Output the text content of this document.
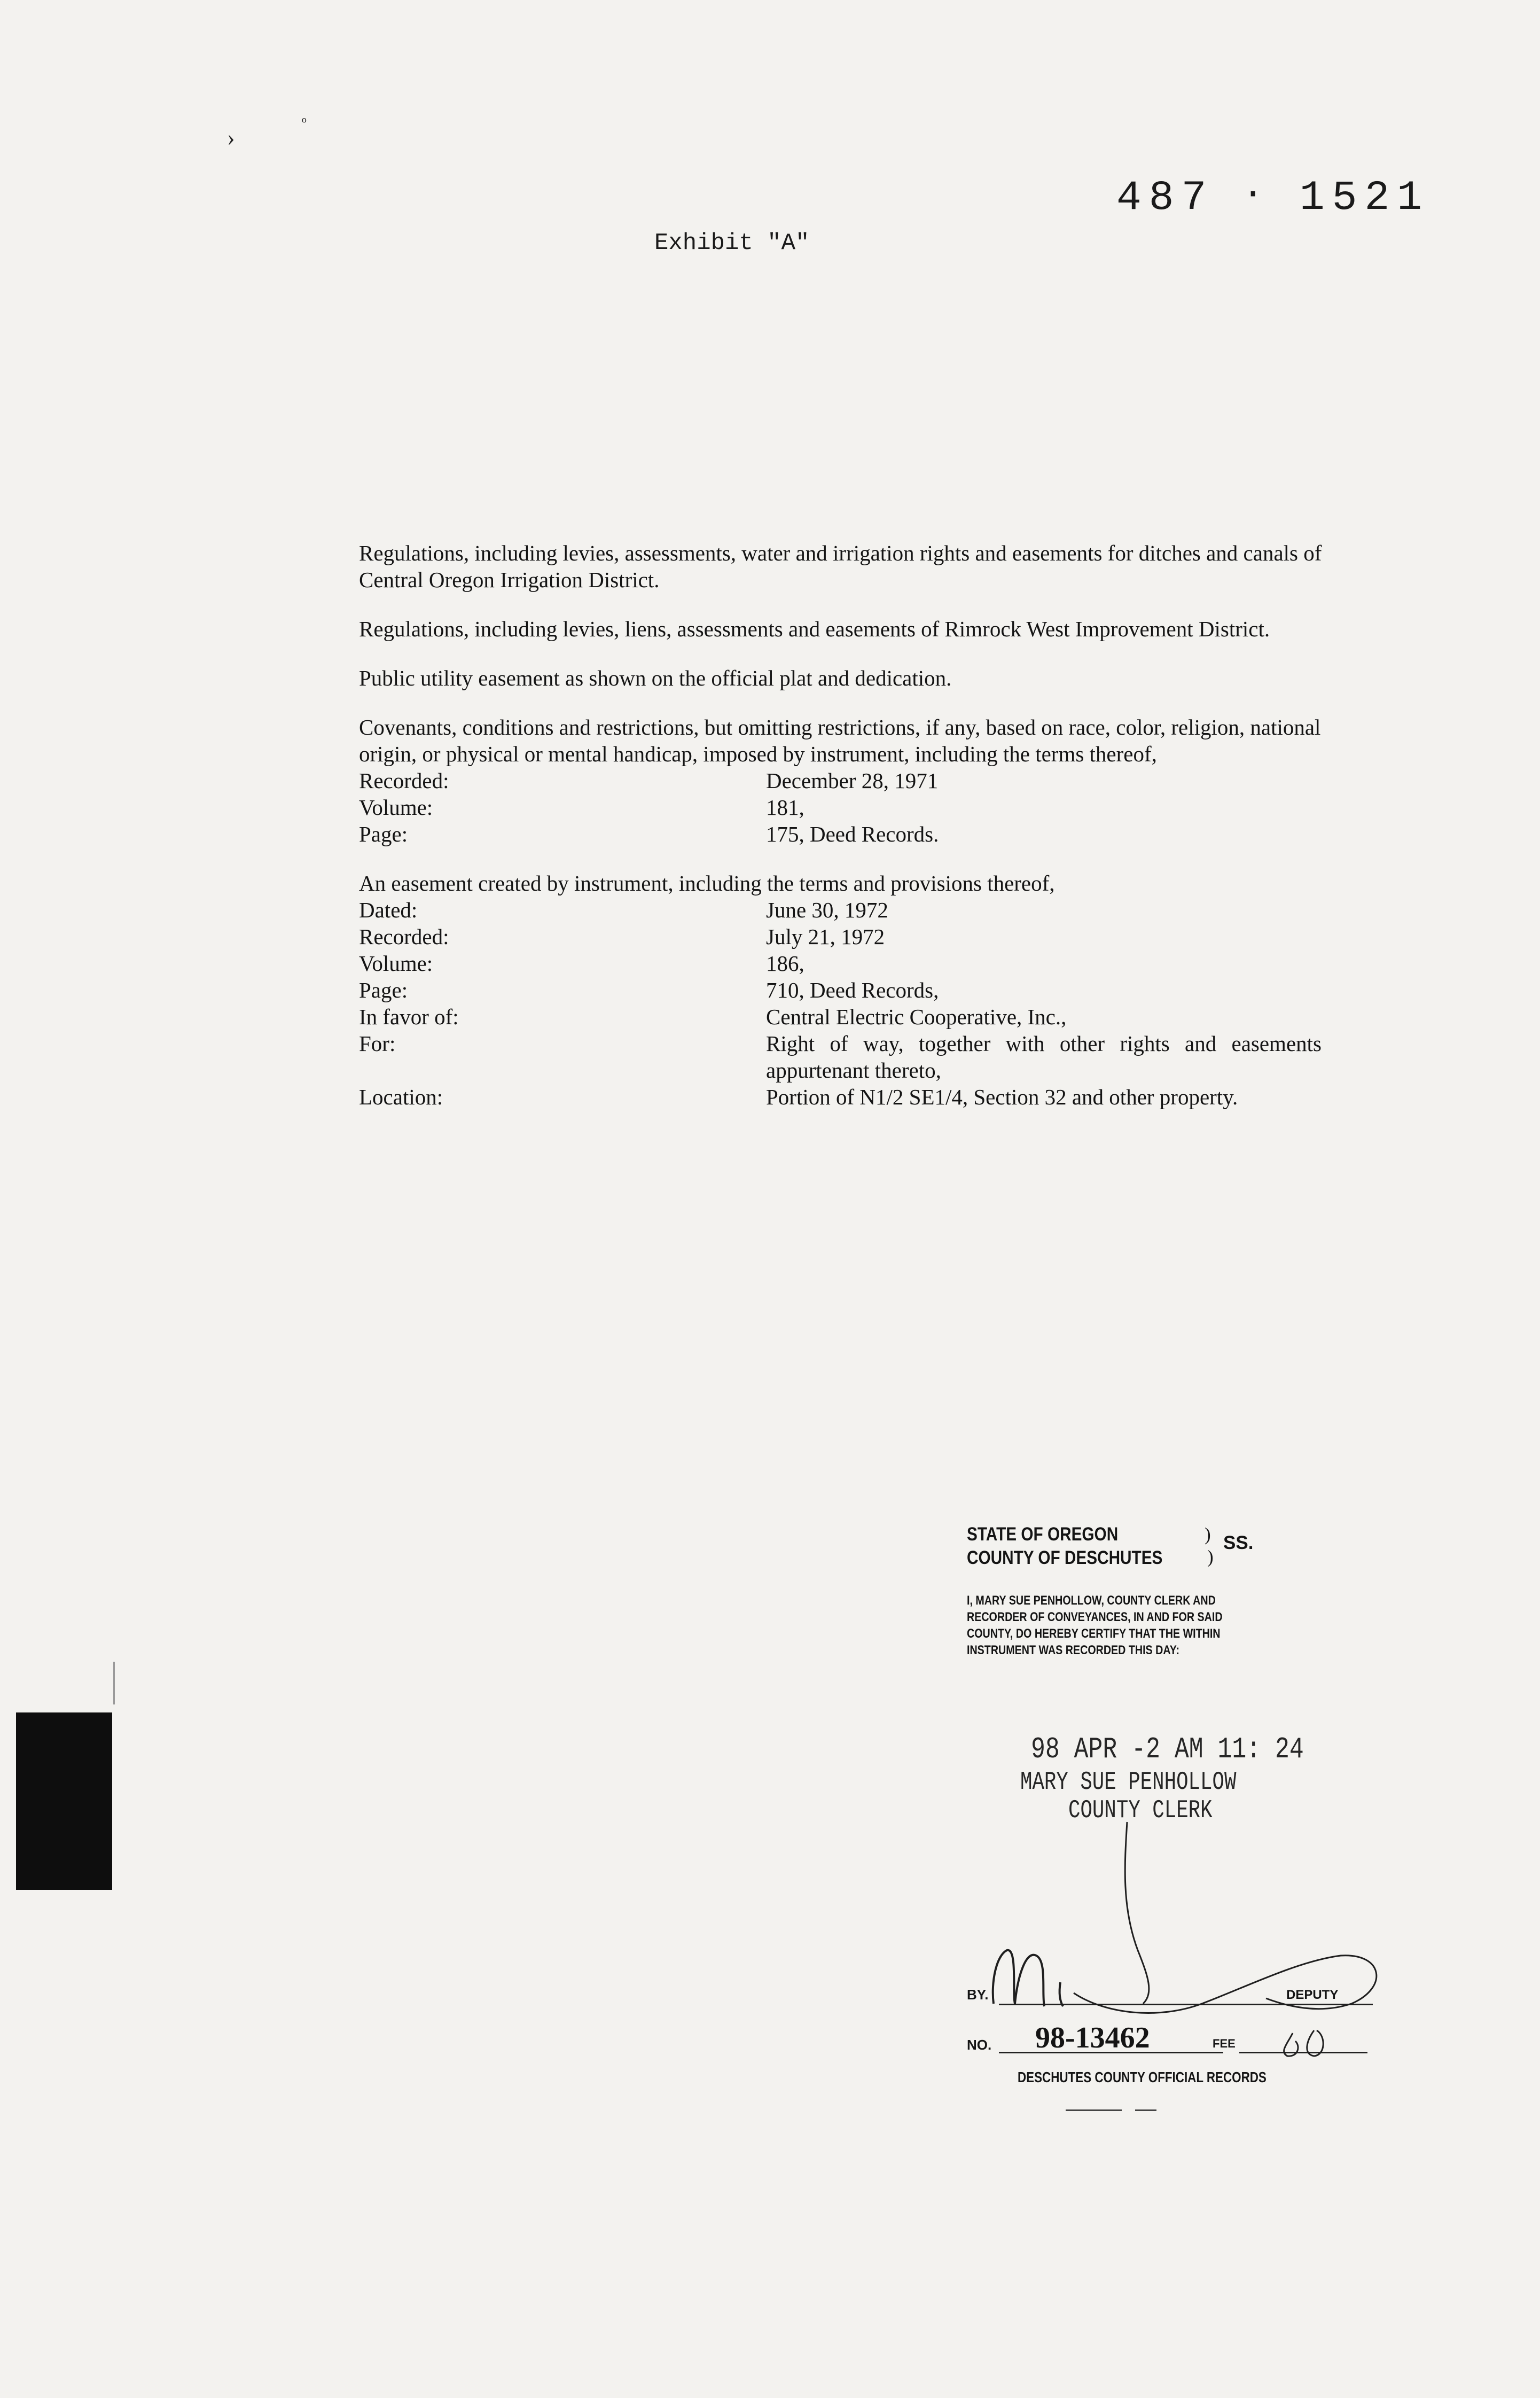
›
ᵒ
487 ‧ 1521
Exhibit "A"

Regulations, including levies, assessments, water and irrigation rights and easements for ditches and canals of Central Oregon Irrigation District.

Regulations, including levies, liens, assessments and easements of Rimrock West Improvement District.

Public utility easement as shown on the official plat and dedication.

Covenants, conditions and restrictions, but omitting restrictions, if any, based on race, color, religion, national origin, or physical or mental handicap, imposed by instrument, including the terms thereof,
Recorded:	December 28, 1971
Volume:	181,
Page:	175, Deed Records.
An easement created by instrument, including the terms and provisions thereof,
Dated:	June 30, 1972
Recorded:	July 21, 1972
Volume:	186,
Page:	710, Deed Records,
In favor of:	Central Electric Cooperative, Inc.,
For:	Right of way, together with other rights and easements appurtenant thereto,
Location:	Portion of N1/2 SE1/4, Section 32 and other property.
STATE OF OREGON
COUNTY OF DESCHUTES
)
)
SS.
I, MARY SUE PENHOLLOW, COUNTY CLERK AND
RECORDER OF CONVEYANCES, IN AND FOR SAID
COUNTY, DO HEREBY CERTIFY THAT THE WITHIN
INSTRUMENT WAS RECORDED THIS DAY:
98 APR -2 AM 11: 24
MARY SUE PENHOLLOW
COUNTY CLERK
BY.	DEPUTY
NO. 98-13462	FEE
DESCHUTES COUNTY OFFICIAL RECORDS
